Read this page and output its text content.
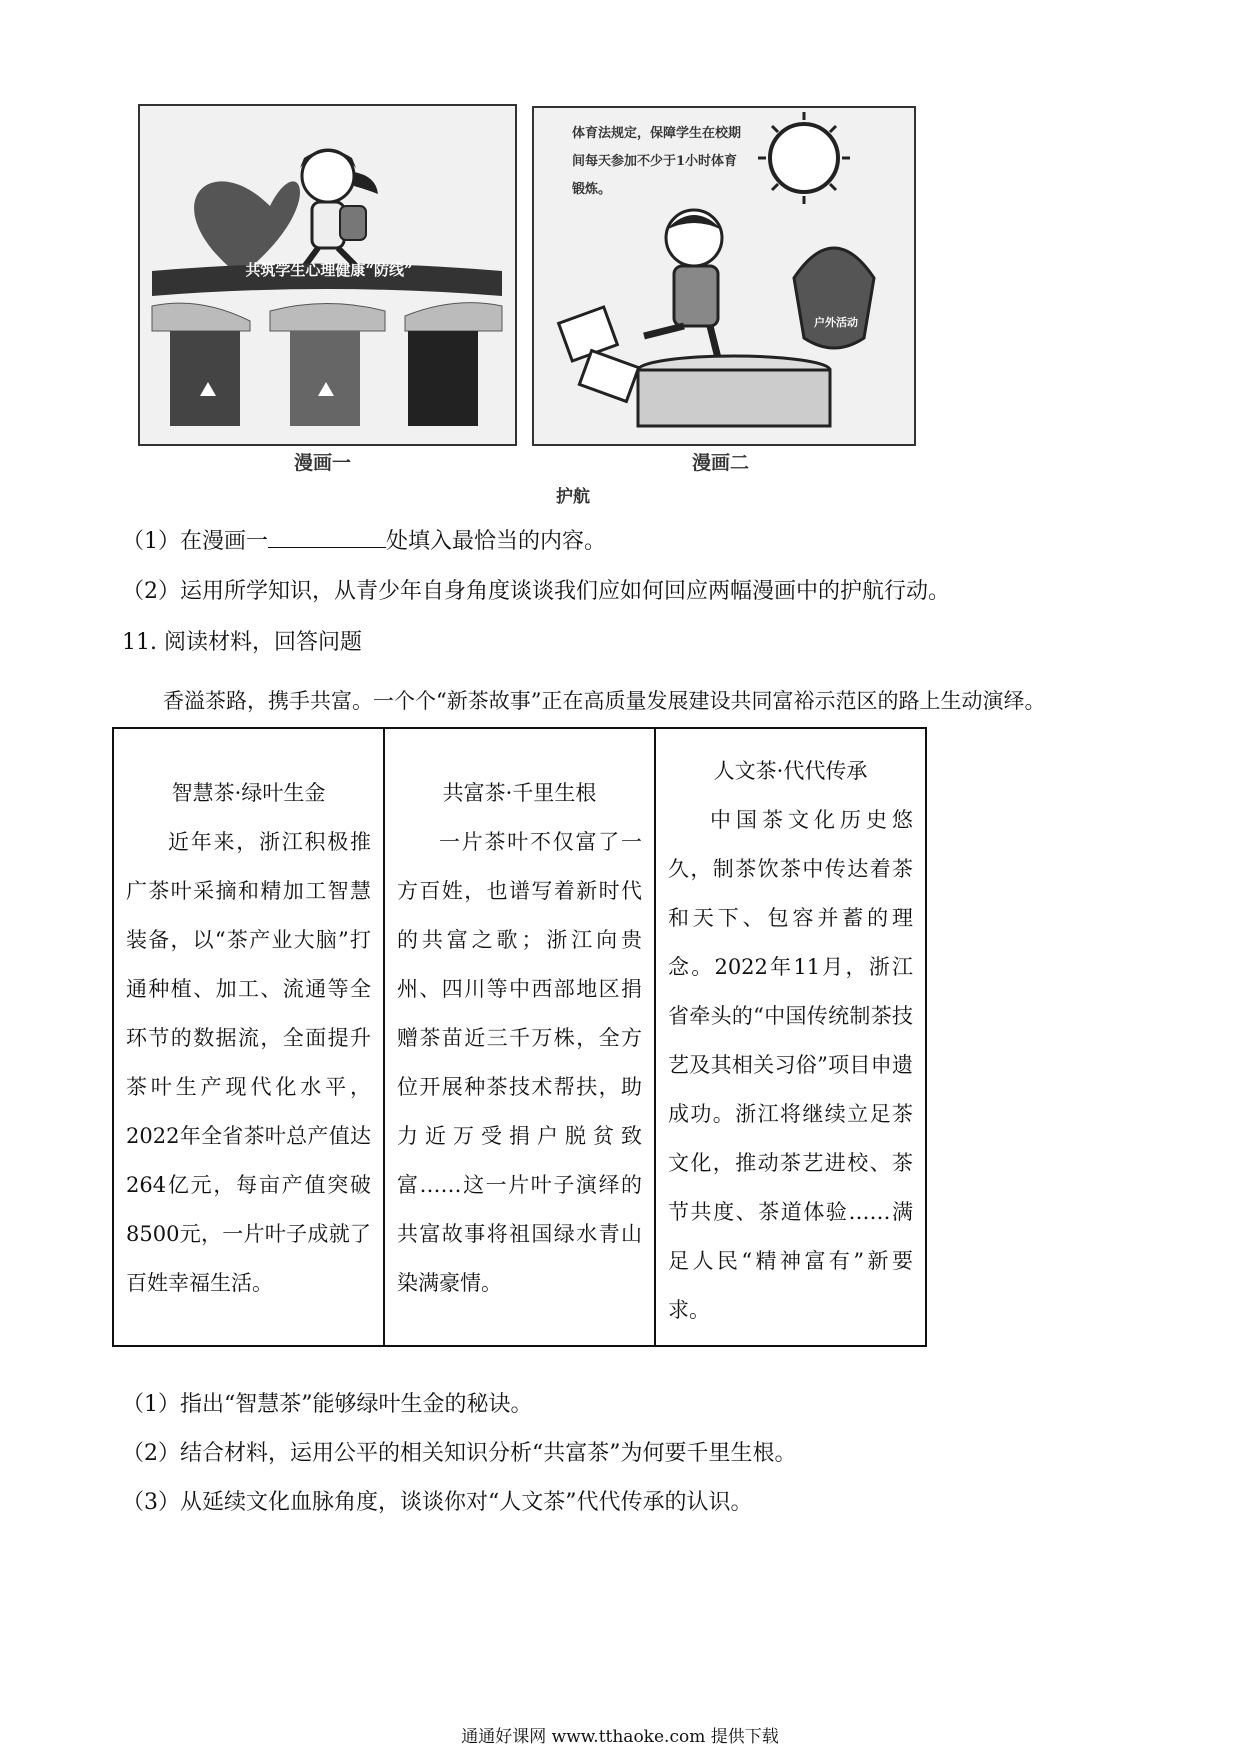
共筑学生心理健康“防线”
体育法规定，保障学生在校期间每天参加不少于1小时体育锻炼。
户外活动
漫画一	漫画二
护航
（1）在漫画一	处填入最恰当的内容。
（2）运用所学知识，从青少年自身角度谈谈我们应如何回应两幅漫画中的护航行动。
11. 阅读材料，回答问题
香溢茶路，携手共富。一个个“新茶故事”正在高质量发展建设共同富裕示范区的路上生动演绎。
智慧茶·绿叶生金
近年来，浙江积极推广茶叶采摘和精加工智慧装备，以“茶产业大脑”打通种植、加工、流通等全环节的数据流，全面提升茶叶生产现代化水平，2022年全省茶叶总产值达264亿元，每亩产值突破8500元，一片叶子成就了百姓幸福生活。

共富茶·千里生根
一片茶叶不仅富了一方百姓，也谱写着新时代的共富之歌；浙江向贵州、四川等中西部地区捐赠茶苗近三千万株，全方位开展种茶技术帮扶，助力近万受捐户脱贫致富……这一片叶子演绎的共富故事将祖国绿水青山染满豪情。

人文茶·代代传承
中国茶文化历史悠久，制茶饮茶中传达着茶和天下、包容并蓄的理念。2022年11月，浙江省牵头的“中国传统制茶技艺及其相关习俗”项目申遗成功。浙江将继续立足茶文化，推动茶艺进校、茶节共度、茶道体验……满足人民“精神富有”新要求。
（1）指出“智慧茶”能够绿叶生金的秘诀。
（2）结合材料，运用公平的相关知识分析“共富茶”为何要千里生根。
（3）从延续文化血脉角度，谈谈你对“人文茶”代代传承的认识。
通通好课网 www.tthaoke.com 提供下载
